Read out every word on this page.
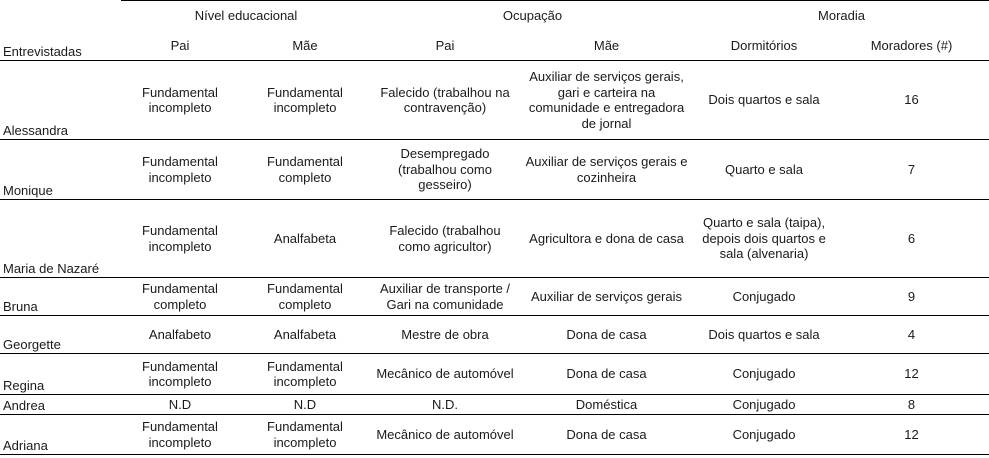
	Nível educacional		Ocupação		Moradia	
Entrevistadas	Pai	Mãe	Pai	Mãe	Dormitórios	Moradores (#)
Alessandra	Fundamental incompleto	Fundamental incompleto	Falecido (trabalhou na contravenção)	Auxiliar de serviços gerais, gari e carteira na comunidade e entregadora de jornal	Dois quartos e sala	16
Monique	Fundamental incompleto	Fundamental completo	Desempregado (trabalhou como gesseiro)	Auxiliar de serviços gerais e cozinheira	Quarto e sala	7
Maria de Nazaré	Fundamental incompleto	Analfabeta	Falecido (trabalhou como agricultor)	Agricultora e dona de casa	Quarto e sala (taipa), depois dois quartos e sala (alvenaria)	6
Bruna	Fundamental completo	Fundamental completo	Auxiliar de transporte / Gari na comunidade	Auxiliar de serviços gerais	Conjugado	9
Georgette	Analfabeto	Analfabeta	Mestre de obra	Dona de casa	Dois quartos e sala	4
Regina	Fundamental incompleto	Fundamental incompleto	Mecânico de automóvel	Dona de casa	Conjugado	12
Andrea	N.D	N.D	N.D.	Doméstica	Conjugado	8
Adriana	Fundamental incompleto	Fundamental incompleto	Mecânico de automóvel	Dona de casa	Conjugado	12
